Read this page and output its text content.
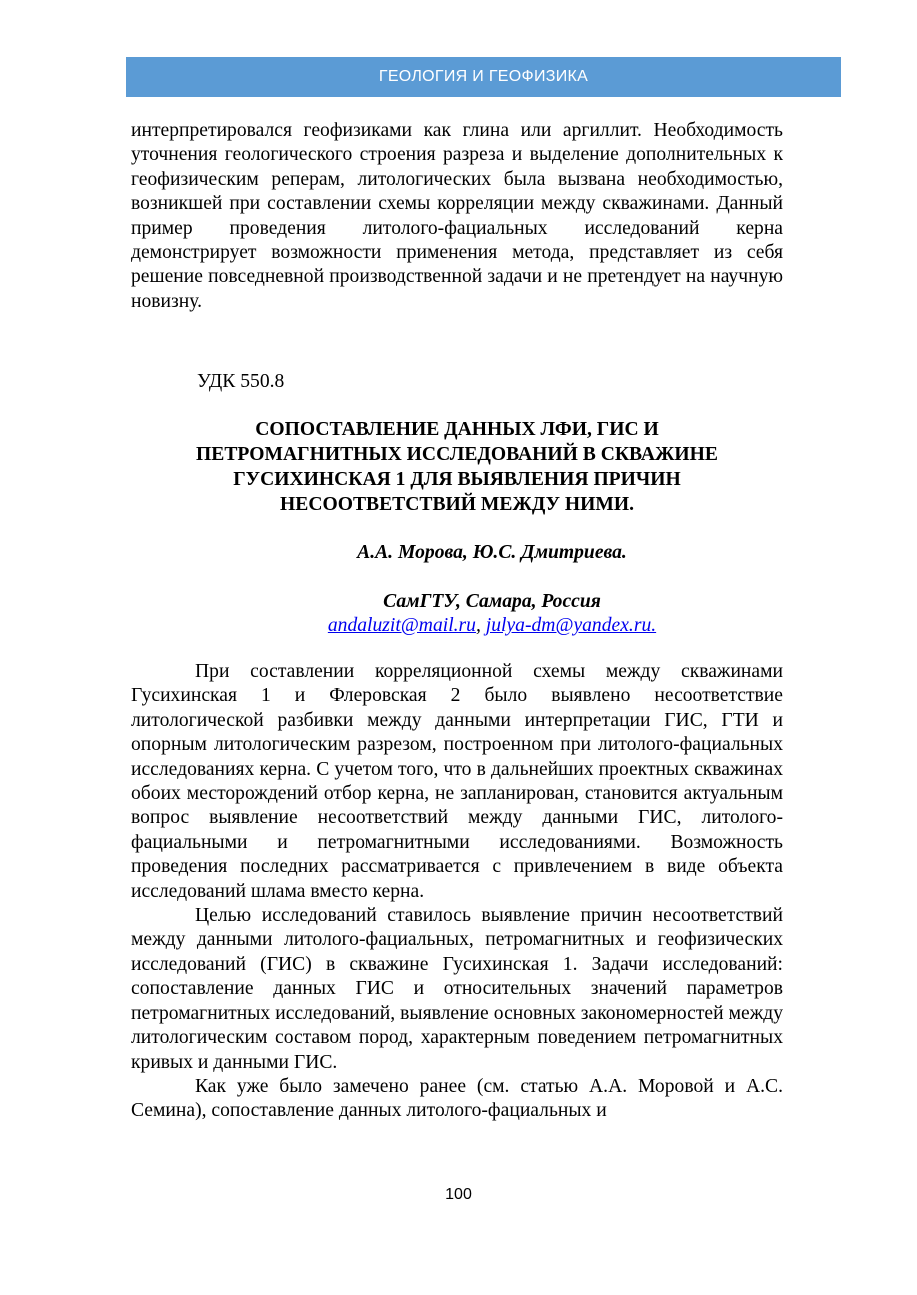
ГЕОЛОГИЯ И ГЕОФИЗИКА

интерпретировался геофизиками как глина или аргиллит. Необходимость уточнения геологического строения разреза и выделение дополнительных к геофизическим реперам, литологических была вызвана необходимостью, возникшей при составлении схемы корреляции между скважинами. Данный пример проведения литолого-фациальных исследований керна демонстрирует возможности применения метода, представляет из себя решение повседневной производственной задачи и не претендует на научную новизну.

УДК 550.8
СОПОСТАВЛЕНИЕ ДАННЫХ ЛФИ, ГИС И
ПЕТРОМАГНИТНЫХ ИССЛЕДОВАНИЙ В СКВАЖИНЕ
ГУСИХИНСКАЯ 1 ДЛЯ ВЫЯВЛЕНИЯ ПРИЧИН
НЕСООТВЕТСТВИЙ МЕЖДУ НИМИ.
А.А. Морова, Ю.С. Дмитриева.
СамГТУ, Самара, Россия
andaluzit@mail.ru, julya-dm@yandex.ru.

При составлении корреляционной схемы между скважинами Гусихинская 1 и Флеровская 2 было выявлено несоответствие литологической разбивки между данными интерпретации ГИС, ГТИ и опорным литологическим разрезом, построенном при литолого-фациальных исследованиях керна. С учетом того, что в дальнейших проектных скважинах обоих месторождений отбор керна, не запланирован, становится актуальным вопрос выявление несоответствий между данными ГИС, литолого-фациальными и петромагнитными исследованиями. Возможность проведения последних рассматривается с привлечением в виде объекта исследований шлама вместо керна.

Целью исследований ставилось выявление причин несоответствий между данными литолого-фациальных, петромагнитных и геофизических исследований (ГИС) в скважине Гусихинская 1. Задачи исследований: сопоставление данных ГИС и относительных значений параметров петромагнитных исследований, выявление основных закономерностей между литологическим составом пород, характерным поведением петромагнитных кривых и данными ГИС.

Как уже было замечено ранее (см. статью А.А. Моровой и А.С. Семина), сопоставление данных литолого-фациальных и

100
